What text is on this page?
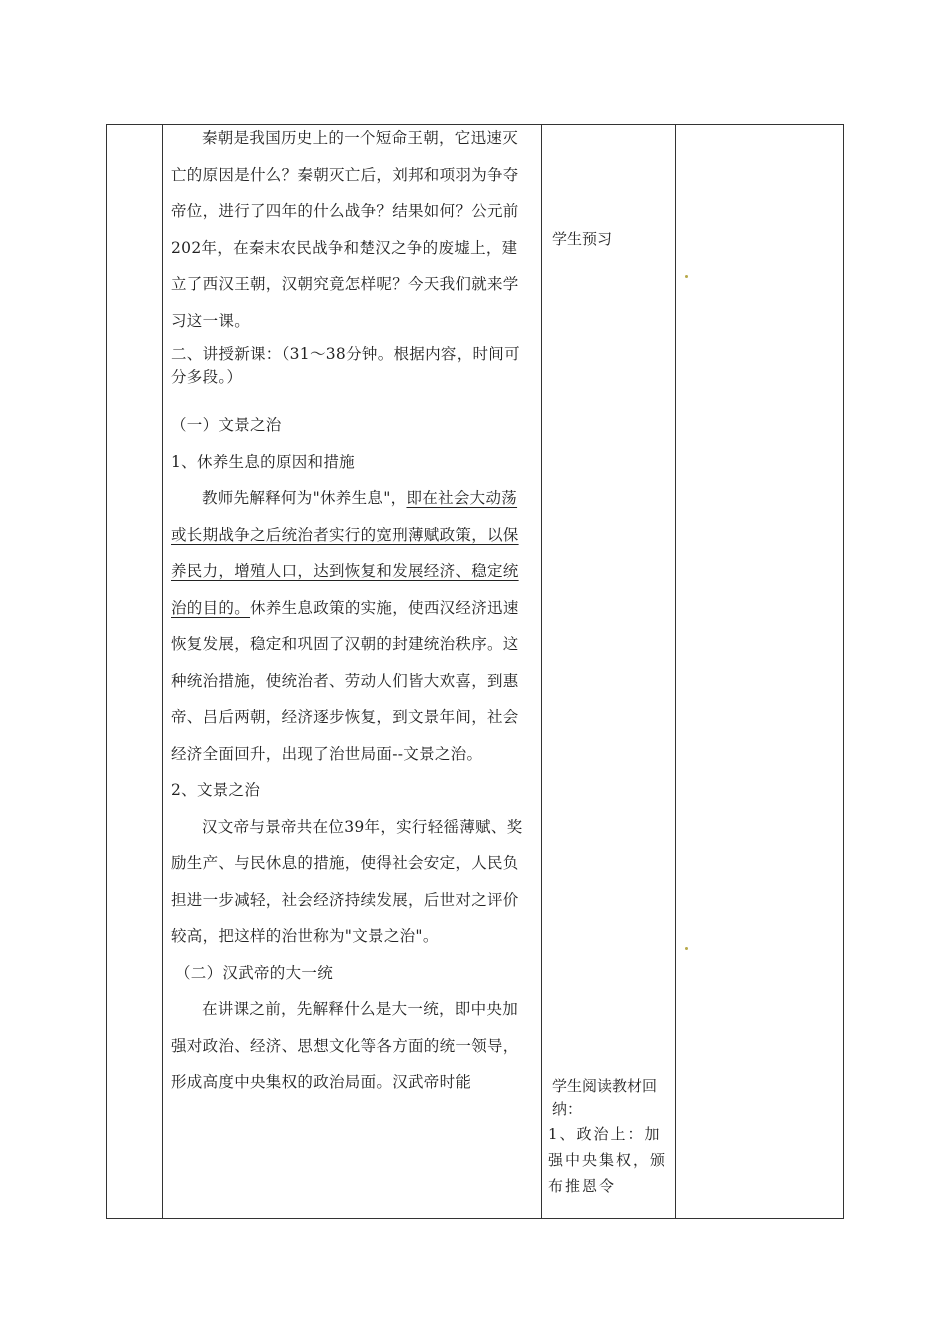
秦朝是我国历史上的一个短命王朝，它迅速灭亡的原因是什么？秦朝灭亡后，刘邦和项羽为争夺帝位，进行了四年的什么战争？结果如何？公元前202年，在秦末农民战争和楚汉之争的废墟上，建立了西汉王朝，汉朝究竟怎样呢？今天我们就来学习这一课。

二、讲授新课：（31～38分钟。根据内容，时间可分多段。）

（一）文景之治

1、休养生息的原因和措施

教师先解释何为"休养生息"，即在社会大动荡或长期战争之后统治者实行的宽刑薄赋政策，以保养民力，增殖人口，达到恢复和发展经济、稳定统治的目的。休养生息政策的实施，使西汉经济迅速恢复发展，稳定和巩固了汉朝的封建统治秩序。这种统治措施，使统治者、劳动人们皆大欢喜，到惠帝、吕后两朝，经济逐步恢复，到文景年间，社会经济全面回升，出现了治世局面--文景之治。

2、文景之治

汉文帝与景帝共在位39年，实行轻徭薄赋、奖励生产、与民休息的措施，使得社会安定，人民负担进一步减轻，社会经济持续发展，后世对之评价较高，把这样的治世称为"文景之治"。

（二）汉武帝的大一统

在讲课之前，先解释什么是大一统，即中央加强对政治、经济、思想文化等各方面的统一领导，形成高度中央集权的政治局面。汉武帝时能

学生预习
学生阅读教材回
纳：
1、政治上：加强中央集权，颁布推恩令
